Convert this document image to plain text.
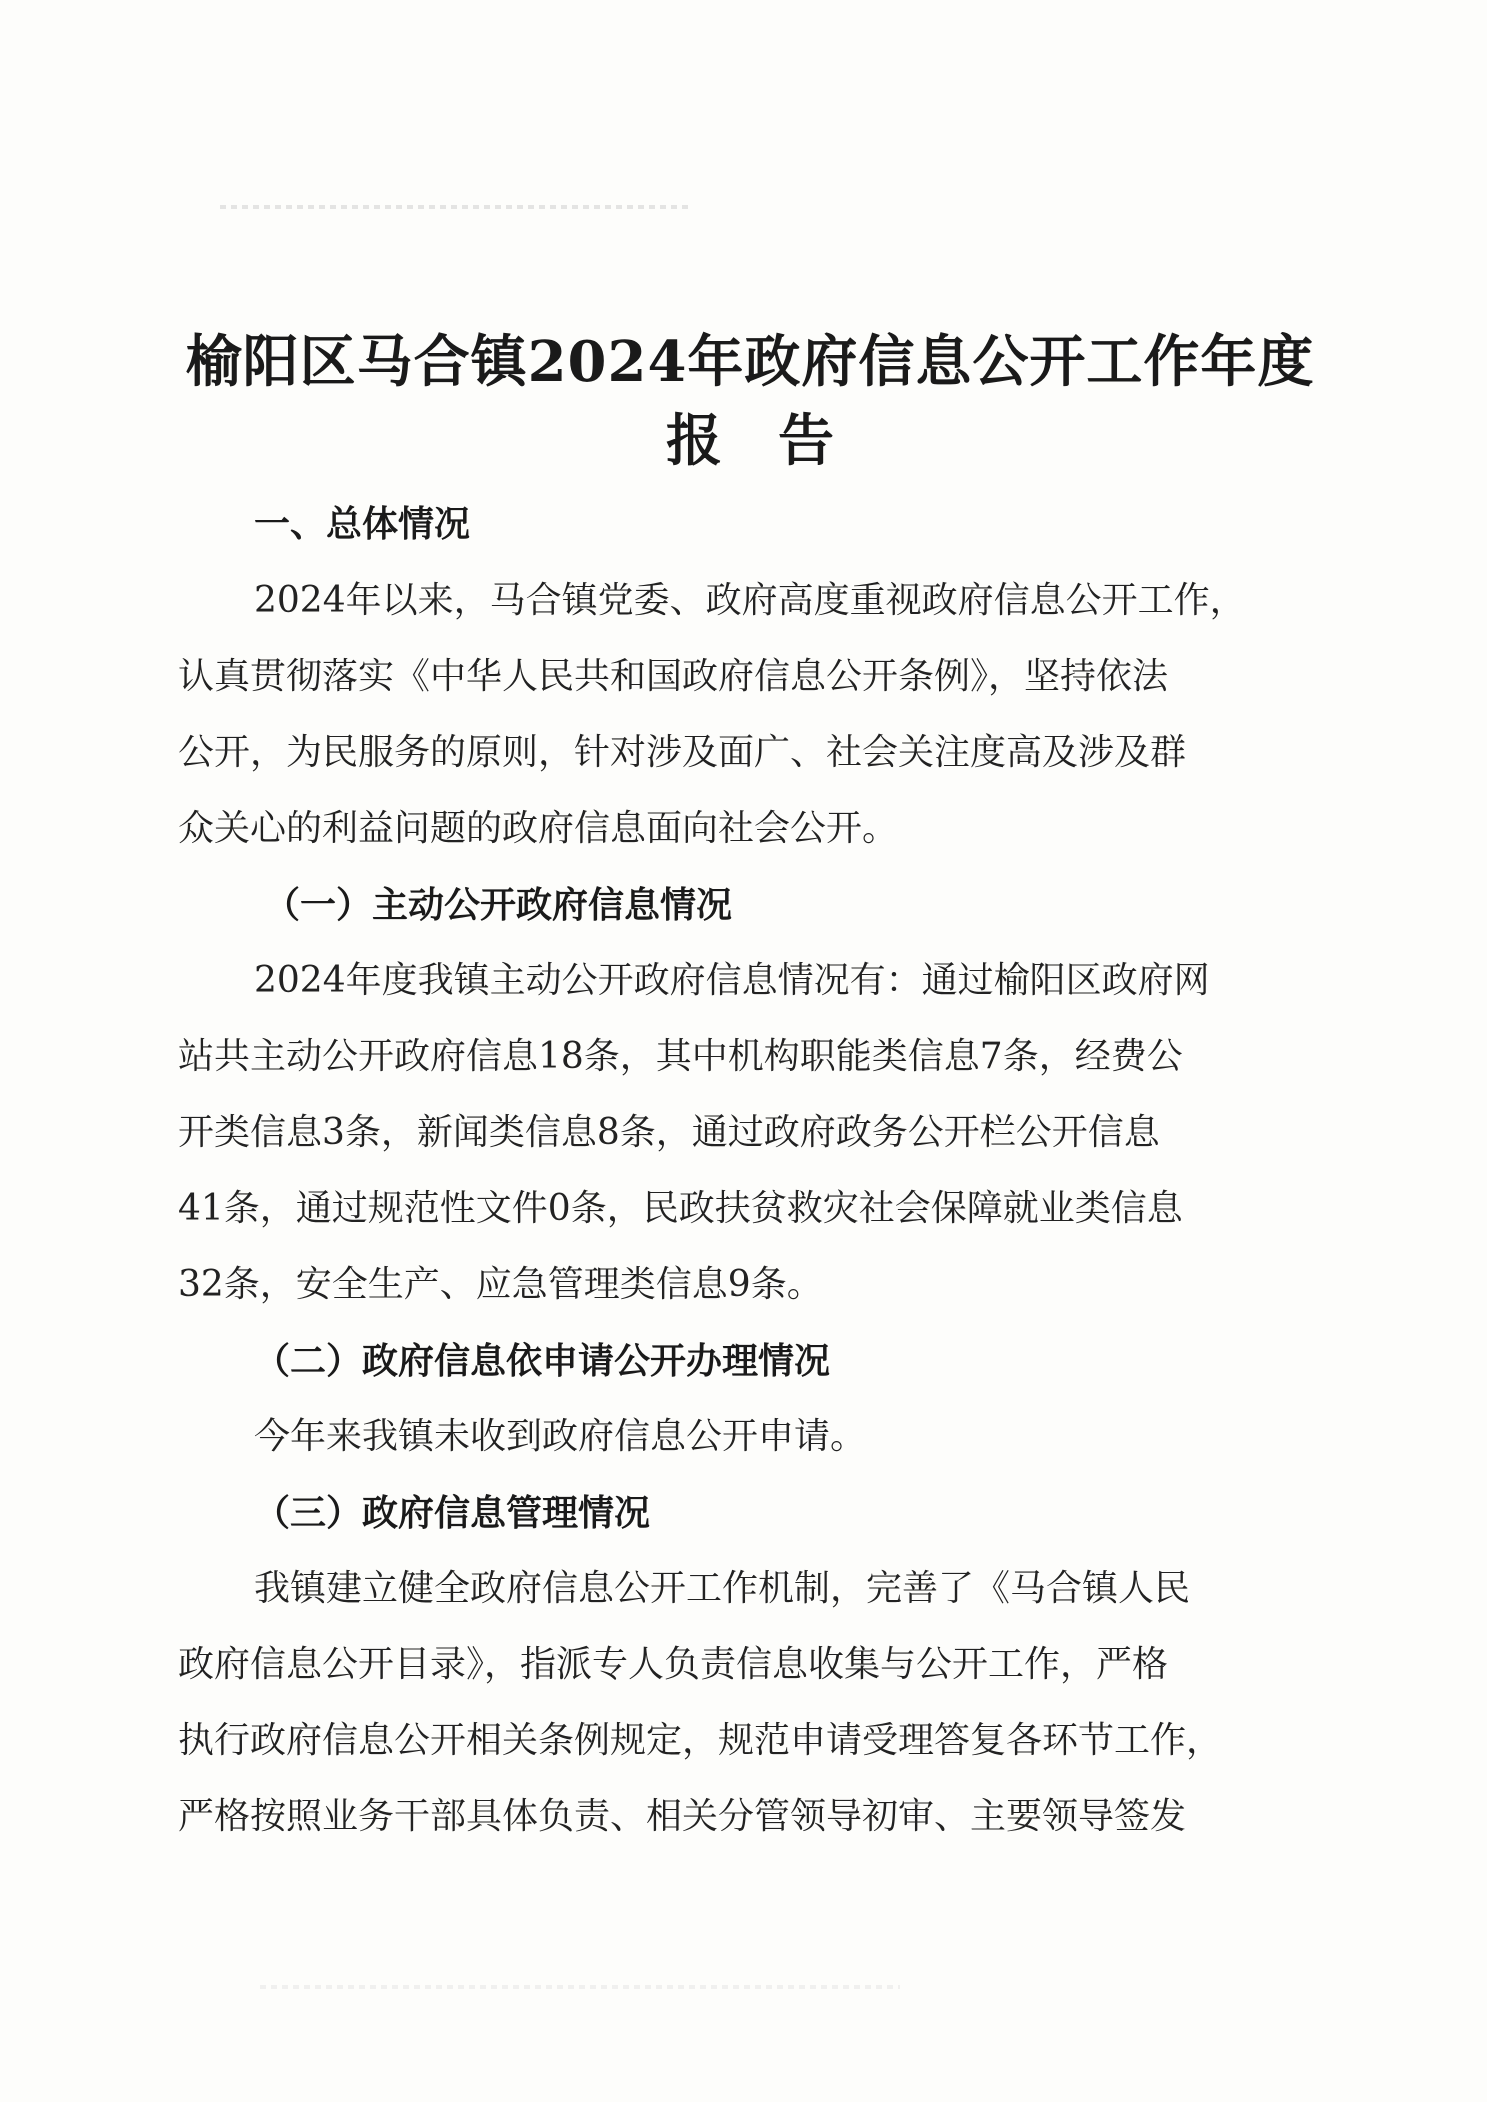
榆阳区马合镇2024年政府信息公开工作年度
报告
一、总体情况
2024年以来，马合镇党委、政府高度重视政府信息公开工作，
认真贯彻落实《中华人民共和国政府信息公开条例》，坚持依法
公开，为民服务的原则，针对涉及面广、社会关注度高及涉及群
众关心的利益问题的政府信息面向社会公开。
（一）主动公开政府信息情况
2024年度我镇主动公开政府信息情况有：通过榆阳区政府网
站共主动公开政府信息18条，其中机构职能类信息7条，经费公
开类信息3条，新闻类信息8条，通过政府政务公开栏公开信息
41条，通过规范性文件0条，民政扶贫救灾社会保障就业类信息
32条，安全生产、应急管理类信息9条。
（二）政府信息依申请公开办理情况
今年来我镇未收到政府信息公开申请。
（三）政府信息管理情况
我镇建立健全政府信息公开工作机制，完善了《马合镇人民
政府信息公开目录》，指派专人负责信息收集与公开工作，严格
执行政府信息公开相关条例规定，规范申请受理答复各环节工作，
严格按照业务干部具体负责、相关分管领导初审、主要领导签发
